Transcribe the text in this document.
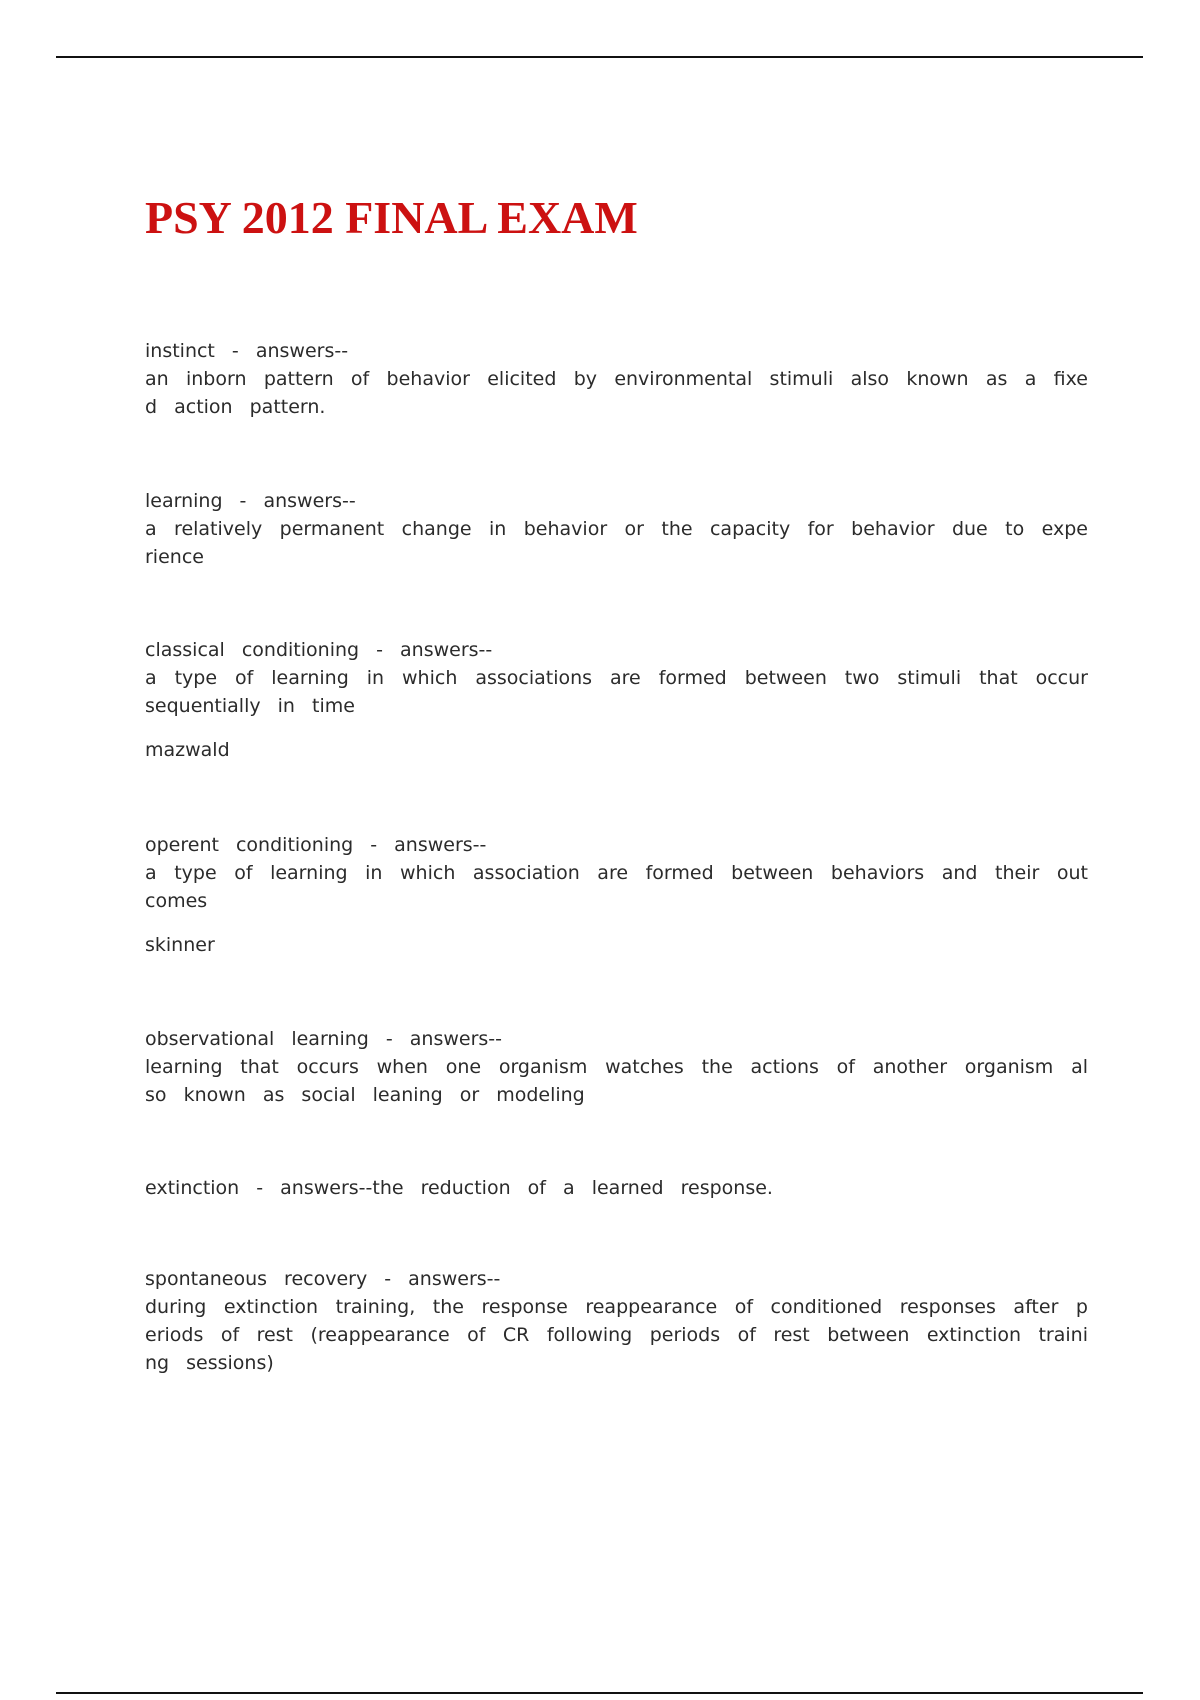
PSY 2012 FINAL EXAM

instinct - answers--

an inborn pattern of behavior elicited by environmental stimuli also known as a fixed action pattern.

learning - answers--

a relatively permanent change in behavior or the capacity for behavior due to experience

classical conditioning - answers--

a type of learning in which associations are formed between two stimuli that occur sequentially in time

mazwald

operent conditioning - answers--

a type of learning in which association are formed between behaviors and their outcomes

skinner

observational learning - answers--

learning that occurs when one organism watches the actions of another organism also known as social leaning or modeling

extinction - answers--the reduction of a learned response.

spontaneous recovery - answers--

during extinction training, the response reappearance of conditioned responses after periods of rest (reappearance of CR following periods of rest between extinction training sessions)
